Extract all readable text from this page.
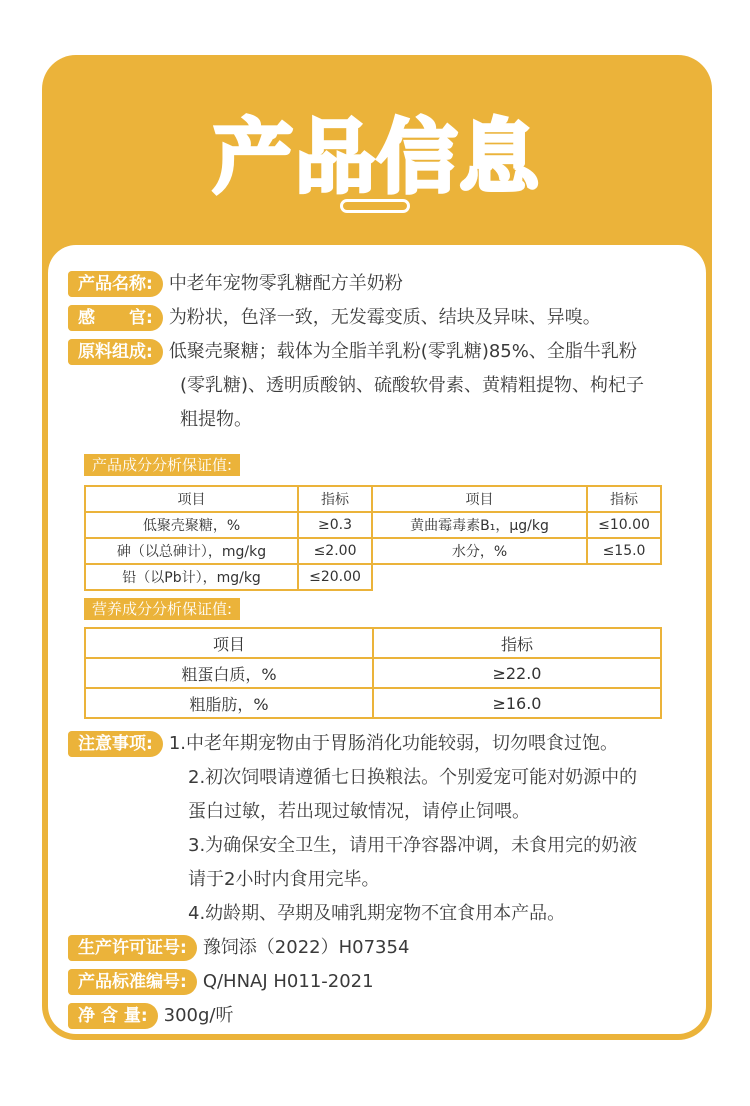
产品信息
产品名称: 中老年宠物零乳糖配方羊奶粉
感　　官: 为粉状，色泽一致，无发霉变质、结块及异味、异嗅。
原料组成: 低聚壳聚糖；载体为全脂羊乳粉(零乳糖)85%、全脂牛乳粉
(零乳糖)、透明质酸钠、硫酸软骨素、黄精粗提物、枸杞子
粗提物。
产品成分分析保证值:
项目	指标	项目	指标
低聚壳聚糖，%	≥0.3	黄曲霉毒素B₁，μg/kg	≤10.00
砷（以总砷计），mg/kg	≤2.00	水分，%	≤15.0
铅（以Pb计），mg/kg	≤20.00		
营养成分分析保证值:
项目	指标
粗蛋白质，%	≥22.0
粗脂肪，%	≥16.0
注意事项: 1.中老年期宠物由于胃肠消化功能较弱，切勿喂食过饱。
2.初次饲喂请遵循七日换粮法。个别爱宠可能对奶源中的
蛋白过敏，若出现过敏情况，请停止饲喂。
3.为确保安全卫生，请用干净容器冲调，未食用完的奶液
请于2小时内食用完毕。
4.幼龄期、孕期及哺乳期宠物不宜食用本产品。
生产许可证号: 豫饲添（2022）H07354
产品标准编号: Q/HNAJ H011-2021
净 含 量: 300g/听
